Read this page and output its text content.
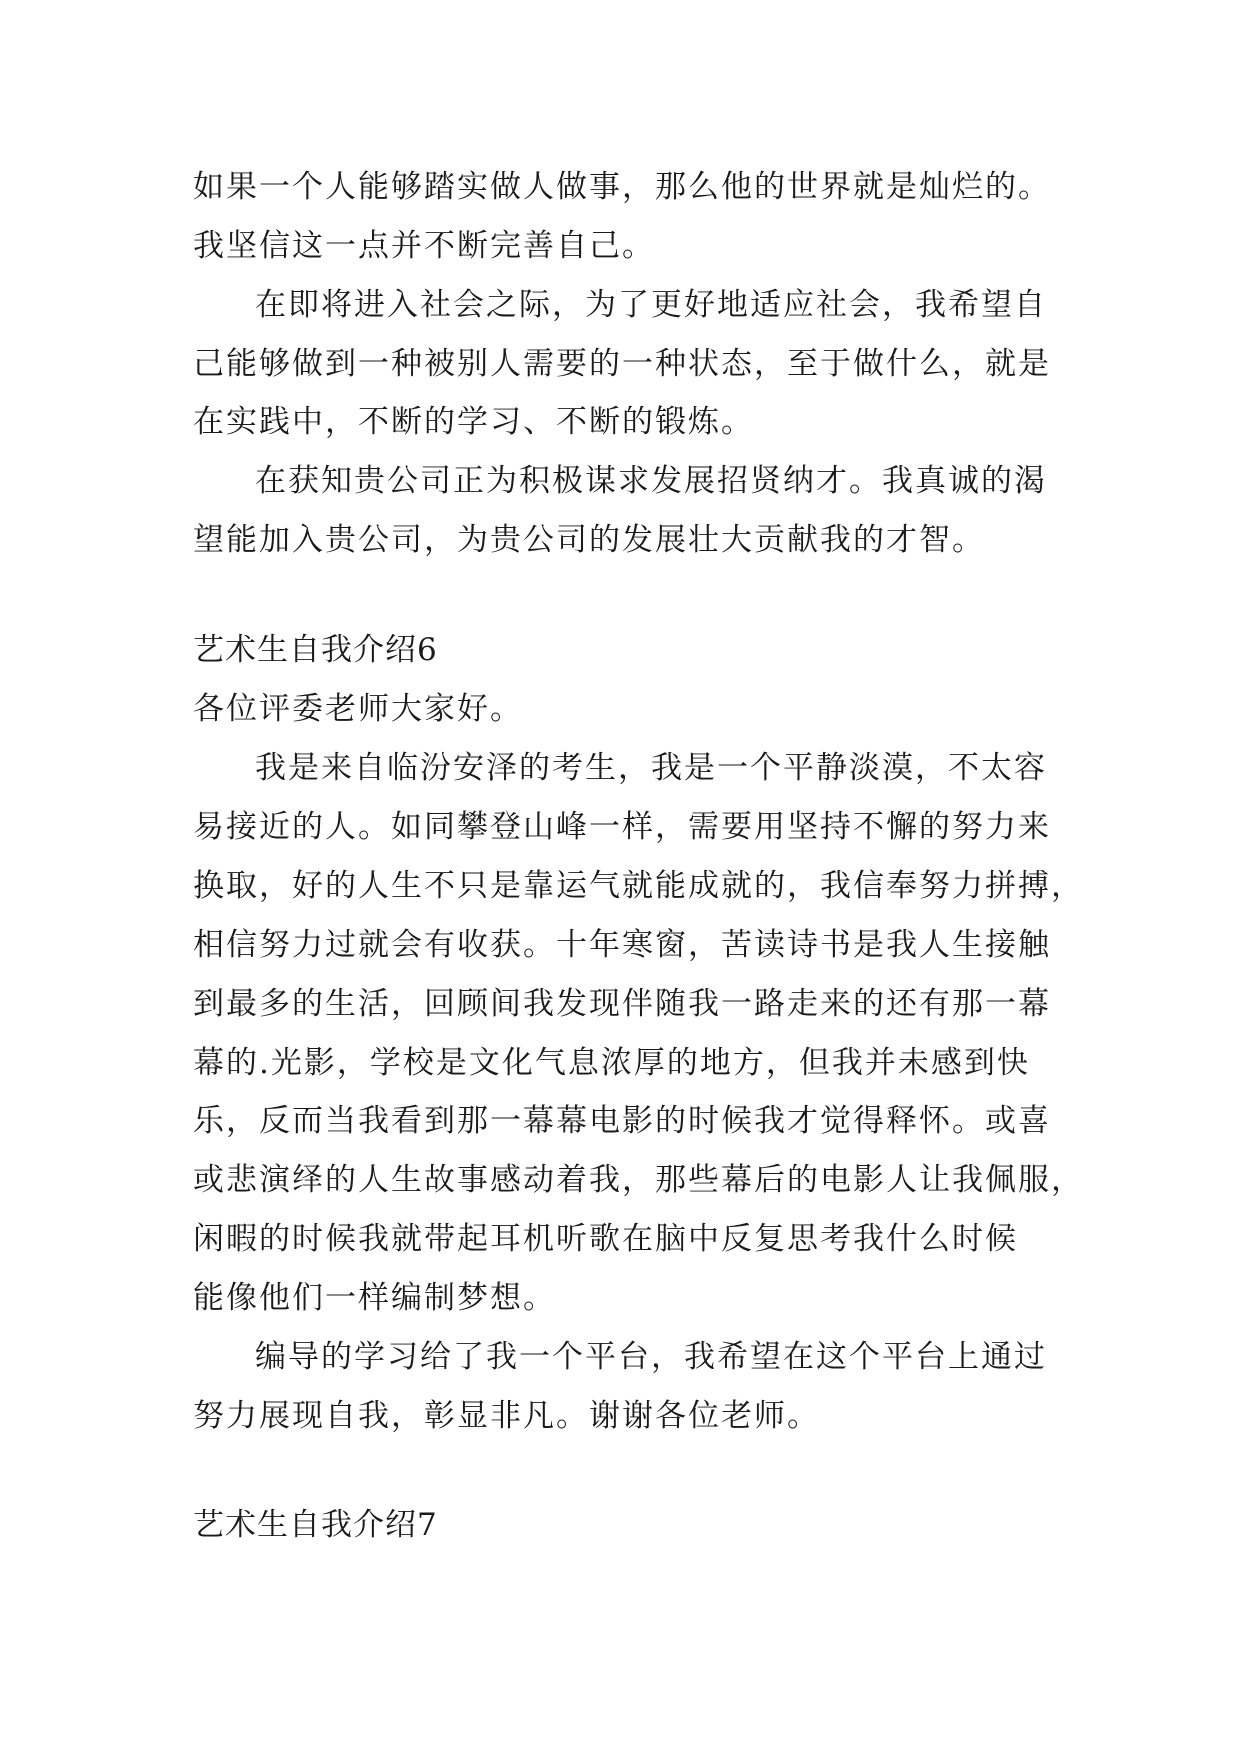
如果一个人能够踏实做人做事，那么他的世界就是灿烂的。
我坚信这一点并不断完善自己。
在即将进入社会之际，为了更好地适应社会，我希望自
己能够做到一种被别人需要的一种状态，至于做什么，就是
在实践中，不断的学习、不断的锻炼。
在获知贵公司正为积极谋求发展招贤纳才。我真诚的渴
望能加入贵公司，为贵公司的发展壮大贡献我的才智。
艺术生自我介绍6
各位评委老师大家好。
我是来自临汾安泽的考生，我是一个平静淡漠，不太容
易接近的人。如同攀登山峰一样，需要用坚持不懈的努力来
换取，好的人生不只是靠运气就能成就的，我信奉努力拼搏，
相信努力过就会有收获。十年寒窗，苦读诗书是我人生接触
到最多的生活，回顾间我发现伴随我一路走来的还有那一幕
幕的.光影，学校是文化气息浓厚的地方，但我并未感到快
乐，反而当我看到那一幕幕电影的时候我才觉得释怀。或喜
或悲演绎的人生故事感动着我，那些幕后的电影人让我佩服，
闲暇的时候我就带起耳机听歌在脑中反复思考我什么时候
能像他们一样编制梦想。
编导的学习给了我一个平台，我希望在这个平台上通过
努力展现自我，彰显非凡。谢谢各位老师。
艺术生自我介绍7
